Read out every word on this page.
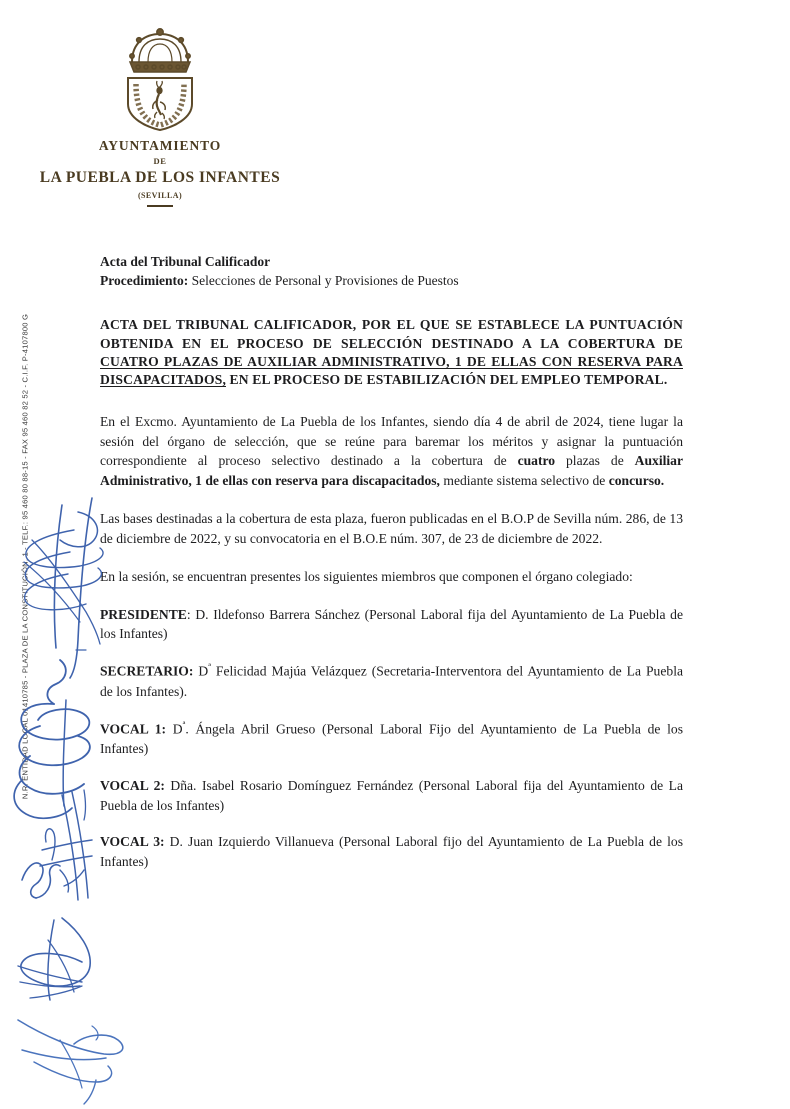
N.R. ENTIDAD LOCAL 01410785 - PLAZA DE LA CONSTITUCIÓN, 1 - TELF.: 95 460 80 88-15 - FAX 95 460 82 52 - C.I.F. P-4107800 G
AYUNTAMIENTO
DE
LA PUEBLA DE LOS INFANTES
(SEVILLA)
Acta del Tribunal Calificador
Procedimiento: Selecciones de Personal y Provisiones de Puestos
ACTA DEL TRIBUNAL CALIFICADOR, POR EL QUE SE ESTABLECE LA PUNTUACIÓN OBTENIDA EN EL PROCESO DE SELECCIÓN DESTINADO A LA COBERTURA DE CUATRO PLAZAS DE AUXILIAR ADMINISTRATIVO, 1 DE ELLAS CON RESERVA PARA DISCAPACITADOS, EN EL PROCESO DE ESTABILIZACIÓN DEL EMPLEO TEMPORAL.

En el Excmo. Ayuntamiento de La Puebla de los Infantes, siendo día 4 de abril de 2024, tiene lugar la sesión del órgano de selección, que se reúne para baremar los méritos y asignar la puntuación correspondiente al proceso selectivo destinado a la cobertura de cuatro plazas de Auxiliar Administrativo, 1 de ellas con reserva para discapacitados, mediante sistema selectivo de concurso.

Las bases destinadas a la cobertura de esta plaza, fueron publicadas en el B.O.P de Sevilla núm. 286, de 13 de diciembre de 2022, y su convocatoria en el B.O.E núm. 307, de 23 de diciembre de 2022.

En la sesión, se encuentran presentes los siguientes miembros que componen el órgano colegiado:

PRESIDENTE: D. Ildefonso Barrera Sánchez (Personal Laboral fija del Ayuntamiento de La Puebla de los Infantes)

SECRETARIO: $D^ª$ Felicidad Majúa Velázquez (Secretaria-Interventora del Ayuntamiento de La Puebla de los Infantes).

VOCAL 1: $D^ª$. Ángela Abril Grueso (Personal Laboral Fijo del Ayuntamiento de La Puebla de los Infantes)

VOCAL 2: Dña. Isabel Rosario Domínguez Fernández (Personal Laboral fija del Ayuntamiento de La Puebla de los Infantes)

VOCAL 3: D. Juan Izquierdo Villanueva (Personal Laboral fijo del Ayuntamiento de La Puebla de los Infantes)
